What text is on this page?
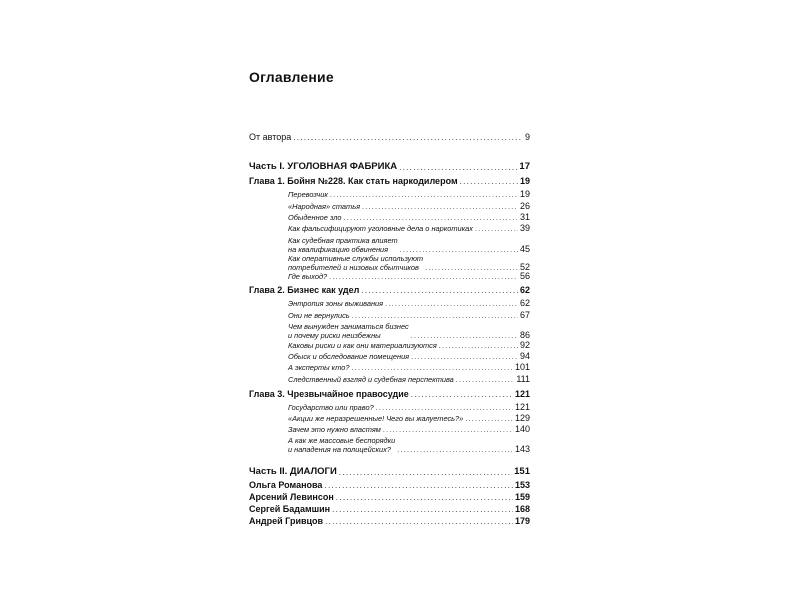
Оглавление
От автора .....	9
Часть I. УГОЛОВНАЯ ФАБРИКА .....	17
Глава 1. Бойня №228. Как стать наркодилером .....	19
Перевозчик .....	19
«Народная» статья .....	26
Обыденное зло .....	31
Как фальсифицируют уголовные дела о наркотиках .....	39
Как судебная практика влияет
на квалификацию обвинения .....	45
Как оперативные службы используют
потребителей и низовых сбытчиков .....	52
Где выход? .....	56
Глава 2. Бизнес как удел .....	62
Энтропия зоны выживания .....	62
Они не вернулись .....	67
Чем вынужден заниматься бизнес
и почему риски неизбежны .....	86
Каковы риски и как они материализуются .....	92
Обыск и обследование помещения .....	94
А эксперты кто? .....	101
Следственный взгляд и судебная перспектива .....	111
Глава 3. Чрезвычайное правосудие .....	121
Государство или право? .....	121
«Акции же неразрешенные! Чего вы жалуетесь?» .....	129
Зачем это нужно властям .....	140
А как же массовые беспорядки
и нападения на полицейских? .....	143
Часть II. ДИАЛОГИ .....	151
Ольга Романова .....	153
Арсений Левинсон .....	159
Сергей Бадамшин .....	168
Андрей Гривцов .....	179
